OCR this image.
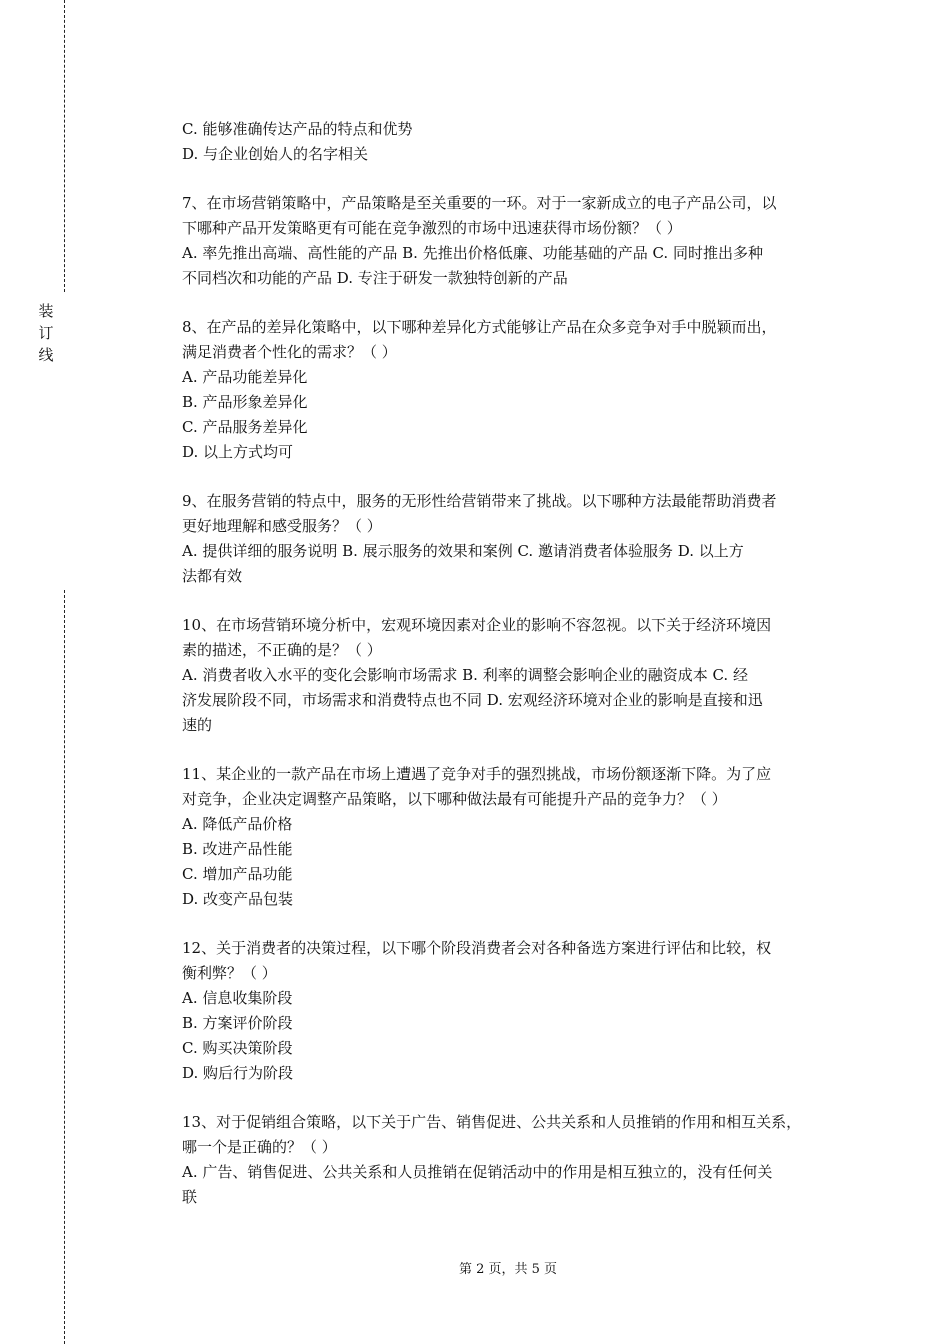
装
订
线
C. 能够准确传达产品的特点和优势
D. 与企业创始人的名字相关
7、在市场营销策略中，产品策略是至关重要的一环。对于一家新成立的电子产品公司，以
下哪种产品开发策略更有可能在竞争激烈的市场中迅速获得市场份额？（ ）
A. 率先推出高端、高性能的产品 B. 先推出价格低廉、功能基础的产品 C. 同时推出多种
不同档次和功能的产品 D. 专注于研发一款独特创新的产品
8、在产品的差异化策略中，以下哪种差异化方式能够让产品在众多竞争对手中脱颖而出，
满足消费者个性化的需求？（ ）
A. 产品功能差异化
B. 产品形象差异化
C. 产品服务差异化
D. 以上方式均可
9、在服务营销的特点中，服务的无形性给营销带来了挑战。以下哪种方法最能帮助消费者
更好地理解和感受服务？（ ）
A. 提供详细的服务说明 B. 展示服务的效果和案例 C. 邀请消费者体验服务 D. 以上方
法都有效
10、在市场营销环境分析中，宏观环境因素对企业的影响不容忽视。以下关于经济环境因
素的描述，不正确的是？（ ）
A. 消费者收入水平的变化会影响市场需求 B. 利率的调整会影响企业的融资成本 C. 经
济发展阶段不同，市场需求和消费特点也不同 D. 宏观经济环境对企业的影响是直接和迅
速的
11、某企业的一款产品在市场上遭遇了竞争对手的强烈挑战，市场份额逐渐下降。为了应
对竞争，企业决定调整产品策略，以下哪种做法最有可能提升产品的竞争力？（ ）
A. 降低产品价格
B. 改进产品性能
C. 增加产品功能
D. 改变产品包装
12、关于消费者的决策过程，以下哪个阶段消费者会对各种备选方案进行评估和比较，权
衡利弊？（ ）
A. 信息收集阶段
B. 方案评价阶段
C. 购买决策阶段
D. 购后行为阶段
13、对于促销组合策略，以下关于广告、销售促进、公共关系和人员推销的作用和相互关系，
哪一个是正确的？（ ）
A. 广告、销售促进、公共关系和人员推销在促销活动中的作用是相互独立的，没有任何关
联
第 2 页，共 5 页
